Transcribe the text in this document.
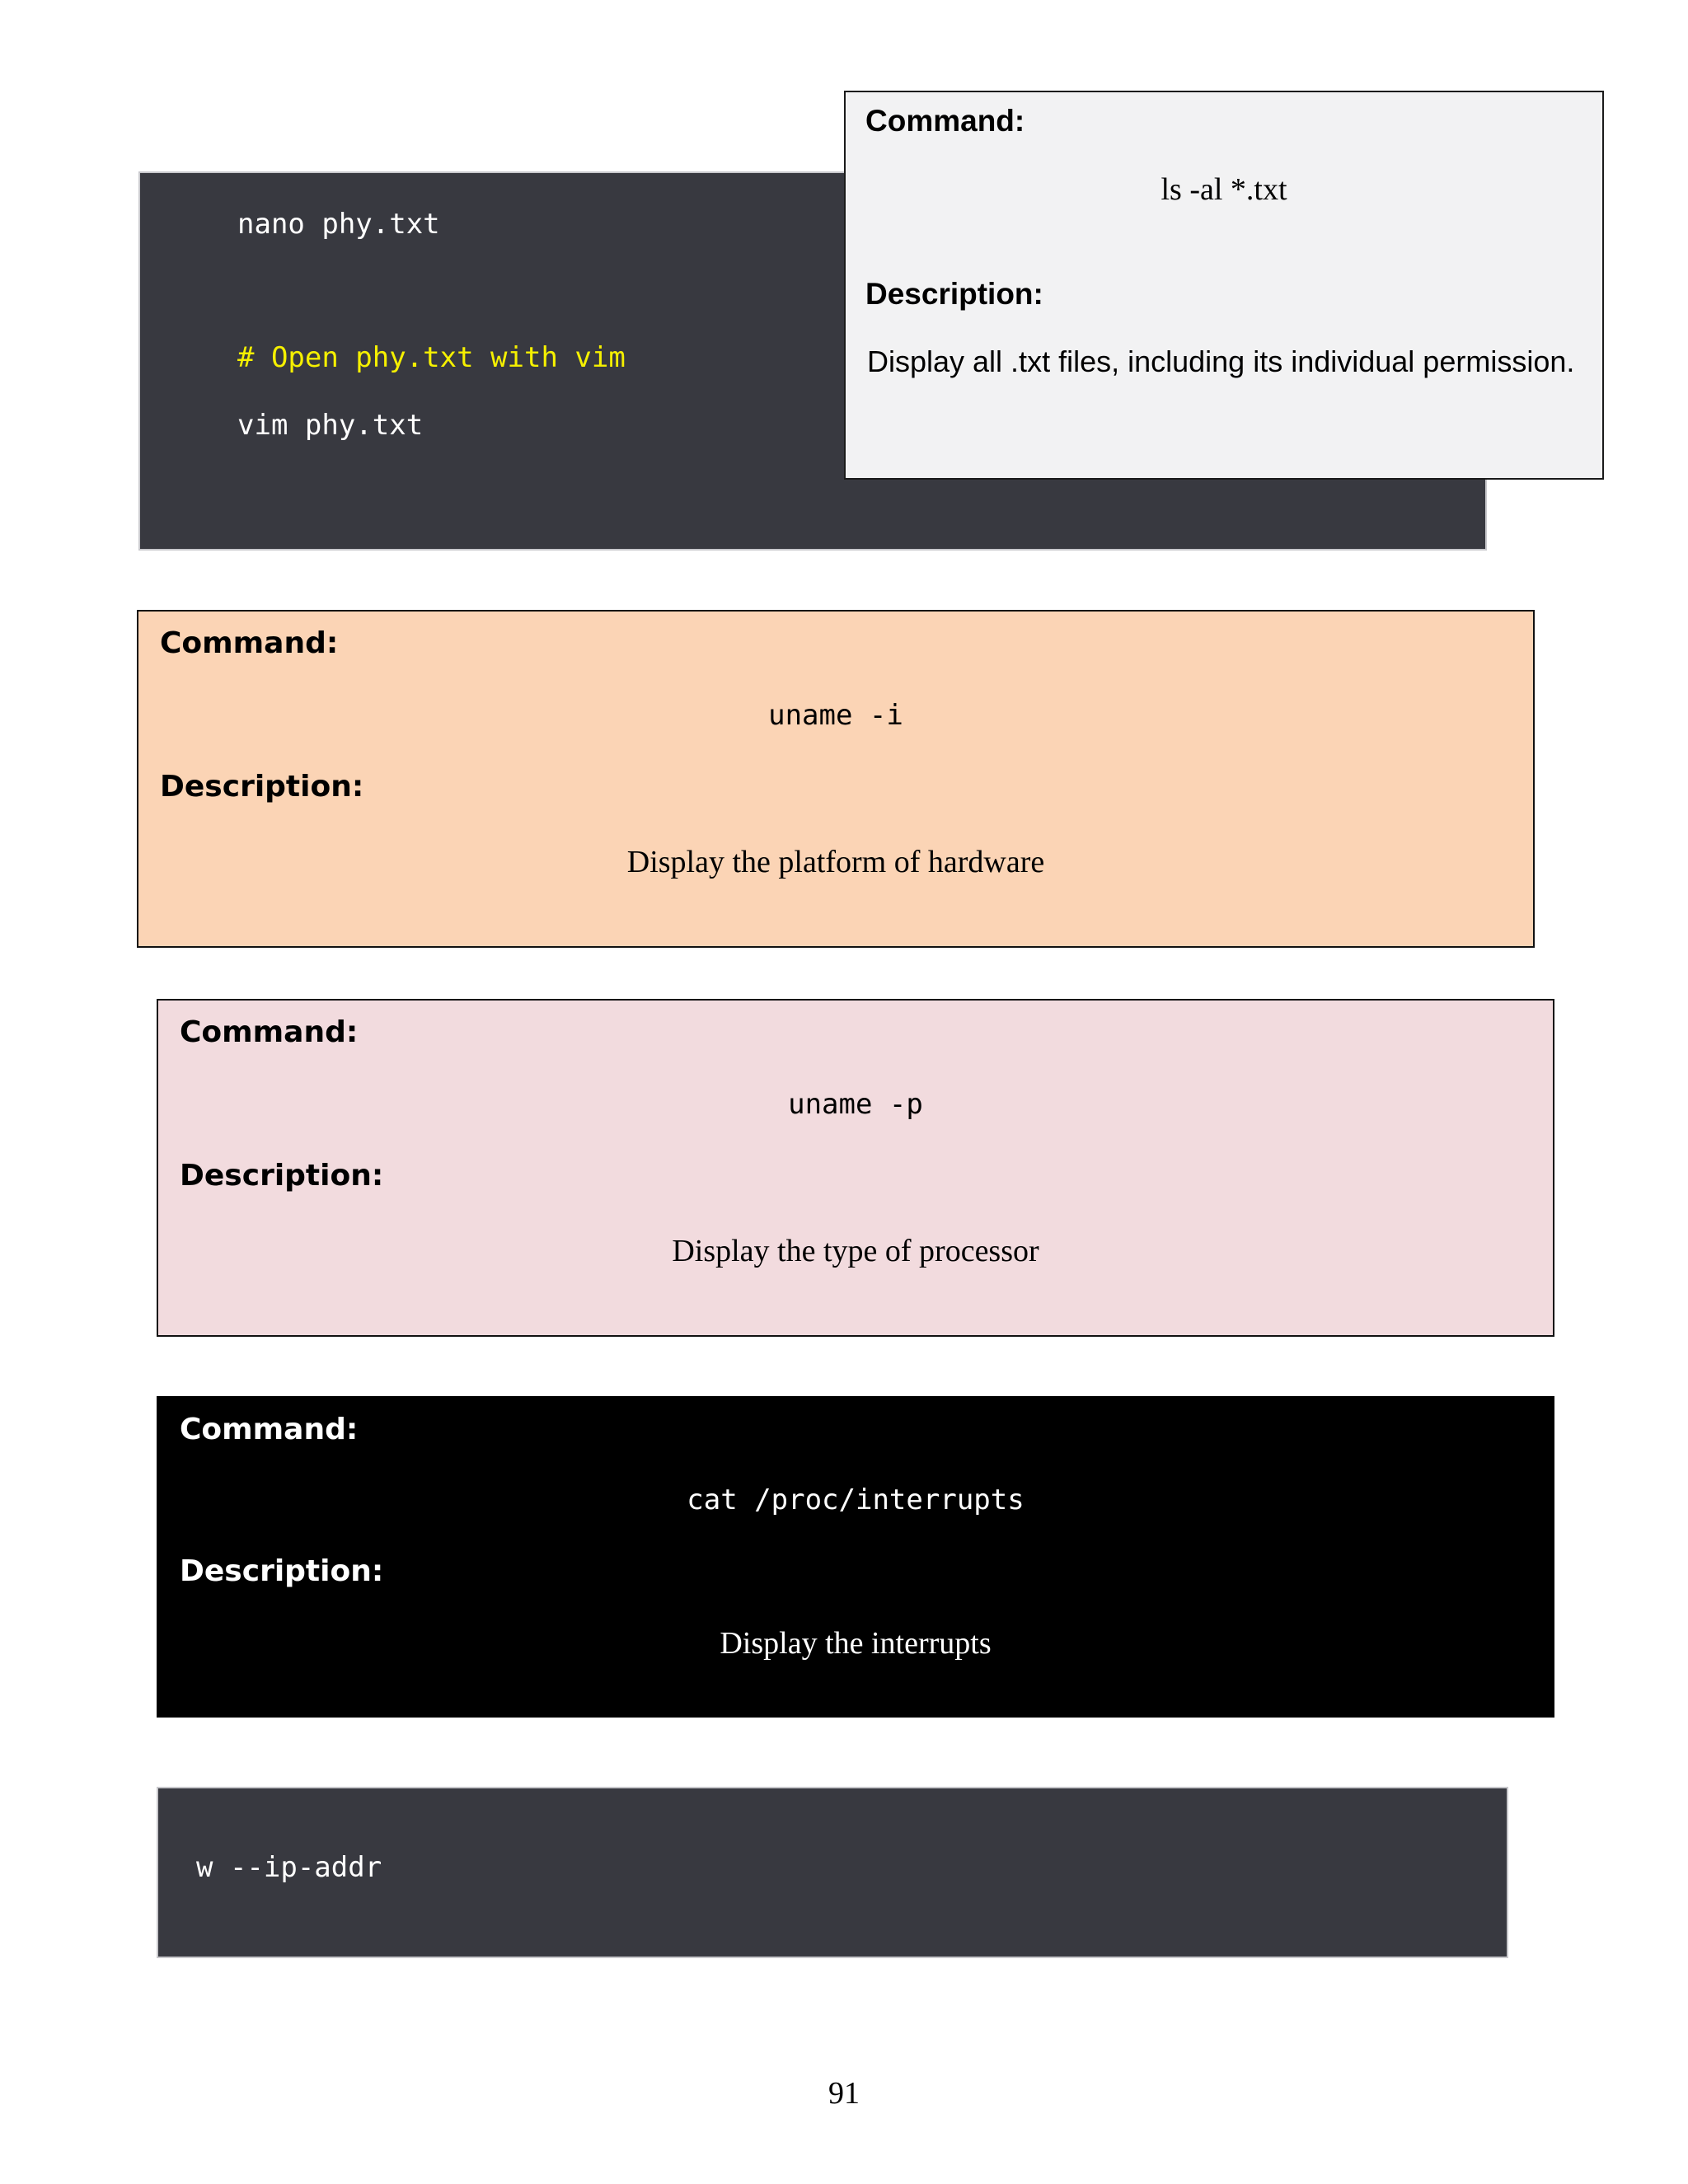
nano phy.txt
# Open phy.txt with vim
vim phy.txt
Command:
ls -al *.txt
Description:
Display all .txt files, including its individual permission.
Command:
uname -i
Description:
Display the platform of hardware
Command:
uname -p
Description:
Display the type of processor
Command:
cat /proc/interrupts
Description:
Display the interrupts
w --ip-addr
91
